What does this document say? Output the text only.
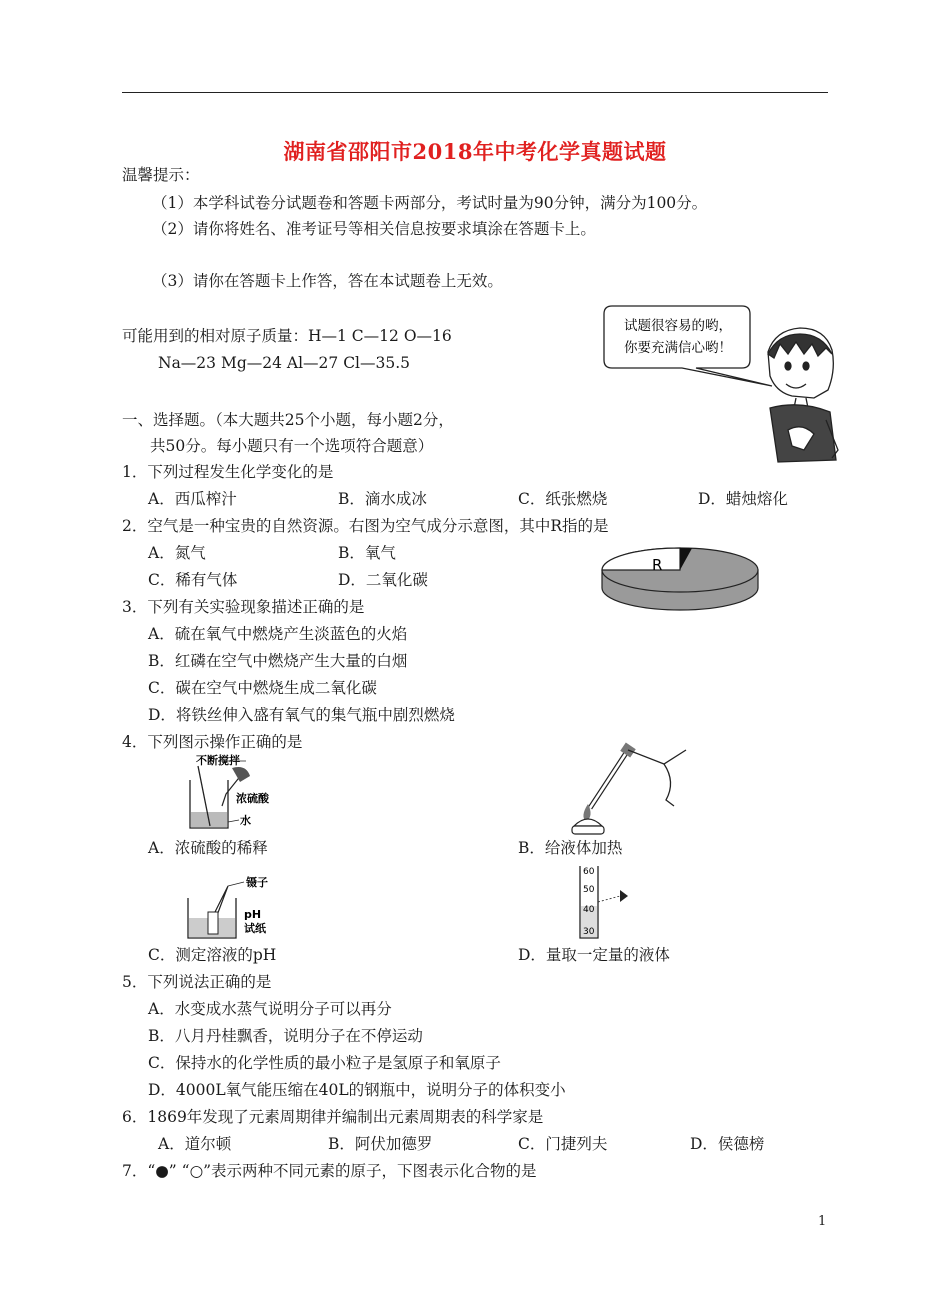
湖南省邵阳市2018年中考化学真题试题
温馨提示：
（1）本学科试卷分试题卷和答题卡两部分，考试时量为90分钟，满分为100分。
（2）请你将姓名、准考证号等相关信息按要求填涂在答题卡上。
（3）请你在答题卡上作答，答在本试题卷上无效。
可能用到的相对原子质量：H—1 C—12 O—16
Na—23 Mg—24 Al—27 Cl—35.5
试题很容易的哟，
你要充满信心哟！
一、选择题。（本大题共25个小题，每小题2分，
共50分。每小题只有一个选项符合题意）
1．下列过程发生化学变化的是
A．西瓜榨汁	B．滴水成冰	C．纸张燃烧	D．蜡烛熔化
2．空气是一种宝贵的自然资源。右图为空气成分示意图，其中R指的是
A．氮气	B．氧气
C．稀有气体	D．二氧化碳
R
3．下列有关实验现象描述正确的是
A．硫在氧气中燃烧产生淡蓝色的火焰
B．红磷在空气中燃烧产生大量的白烟
C．碳在空气中燃烧生成二氧化碳
D．将铁丝伸入盛有氧气的集气瓶中剧烈燃烧
4．下列图示操作正确的是
不断搅拌
浓硫酸
水
A．浓硫酸的稀释	B．给液体加热
镊子
pH
试纸
60
50
40
30
C．测定溶液的pH	D．量取一定量的液体
5．下列说法正确的是
A．水变成水蒸气说明分子可以再分
B．八月丹桂飘香，说明分子在不停运动
C．保持水的化学性质的最小粒子是氢原子和氧原子
D．4000L氧气能压缩在40L的钢瓶中，说明分子的体积变小
6．1869年发现了元素周期律并编制出元素周期表的科学家是
A．道尔顿	B．阿伏加德罗	C．门捷列夫	D．侯德榜
7．“●” “○”表示两种不同元素的原子，下图表示化合物的是
1
